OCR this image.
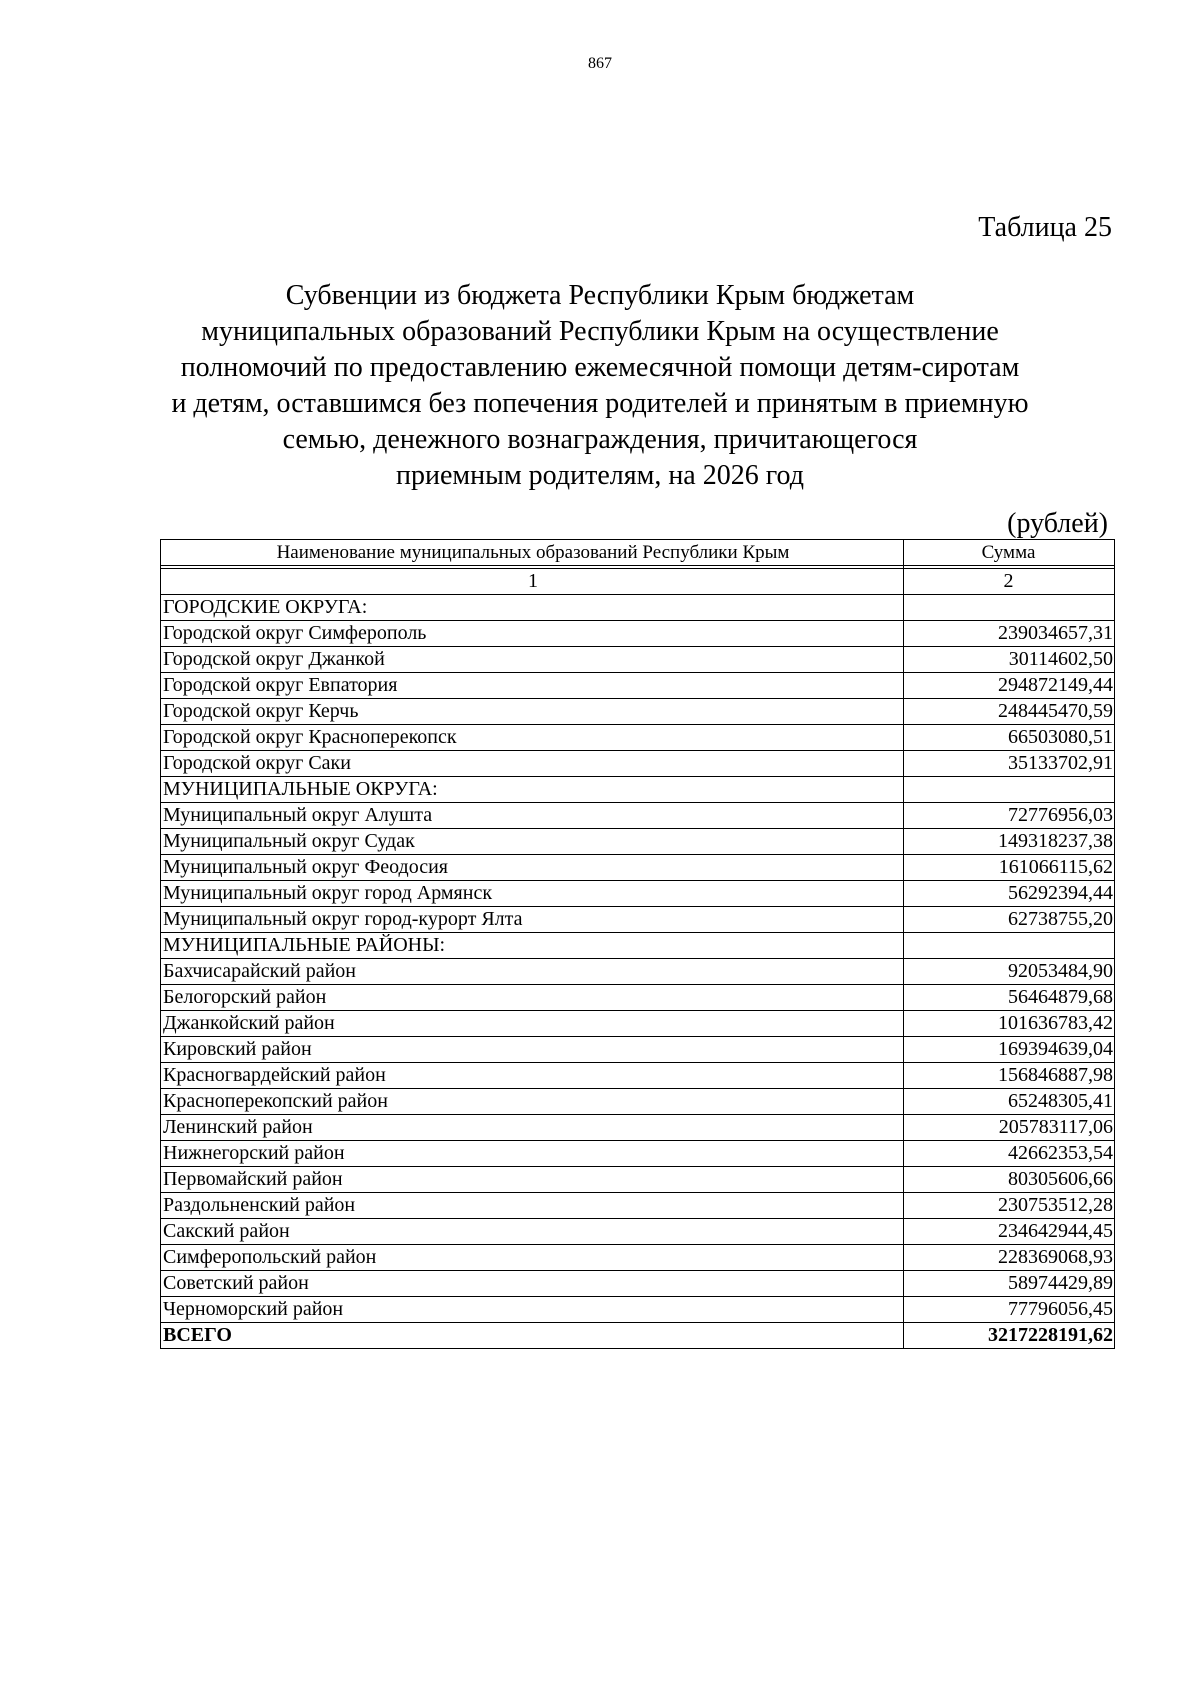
867
Таблица 25
Субвенции из бюджета Республики Крым бюджетам
муниципальных образований Республики Крым на осуществление
полномочий по предоставлению ежемесячной помощи детям-сиротам
и детям, оставшимся без попечения родителей и принятым в приемную
семью, денежного вознаграждения, причитающегося
приемным родителям, на 2026 год
(рублей)
Наименование муниципальных образований Республики Крым	Сумма

1	2
ГОРОДСКИЕ ОКРУГА:	
Городской округ Симферополь	239034657,31
Городской округ Джанкой	30114602,50
Городской округ Евпатория	294872149,44
Городской округ Керчь	248445470,59
Городской округ Красноперекопск	66503080,51
Городской округ Саки	35133702,91
МУНИЦИПАЛЬНЫЕ ОКРУГА:	
Муниципальный округ Алушта	72776956,03
Муниципальный округ Судак	149318237,38
Муниципальный округ Феодосия	161066115,62
Муниципальный округ город Армянск	56292394,44
Муниципальный округ город-курорт Ялта	62738755,20
МУНИЦИПАЛЬНЫЕ РАЙОНЫ:	
Бахчисарайский район	92053484,90
Белогорский район	56464879,68
Джанкойский район	101636783,42
Кировский район	169394639,04
Красногвардейский район	156846887,98
Красноперекопский район	65248305,41
Ленинский район	205783117,06
Нижнегорский район	42662353,54
Первомайский район	80305606,66
Раздольненский район	230753512,28
Сакский район	234642944,45
Симферопольский район	228369068,93
Советский район	58974429,89
Черноморский район	77796056,45
ВСЕГО	3217228191,62
